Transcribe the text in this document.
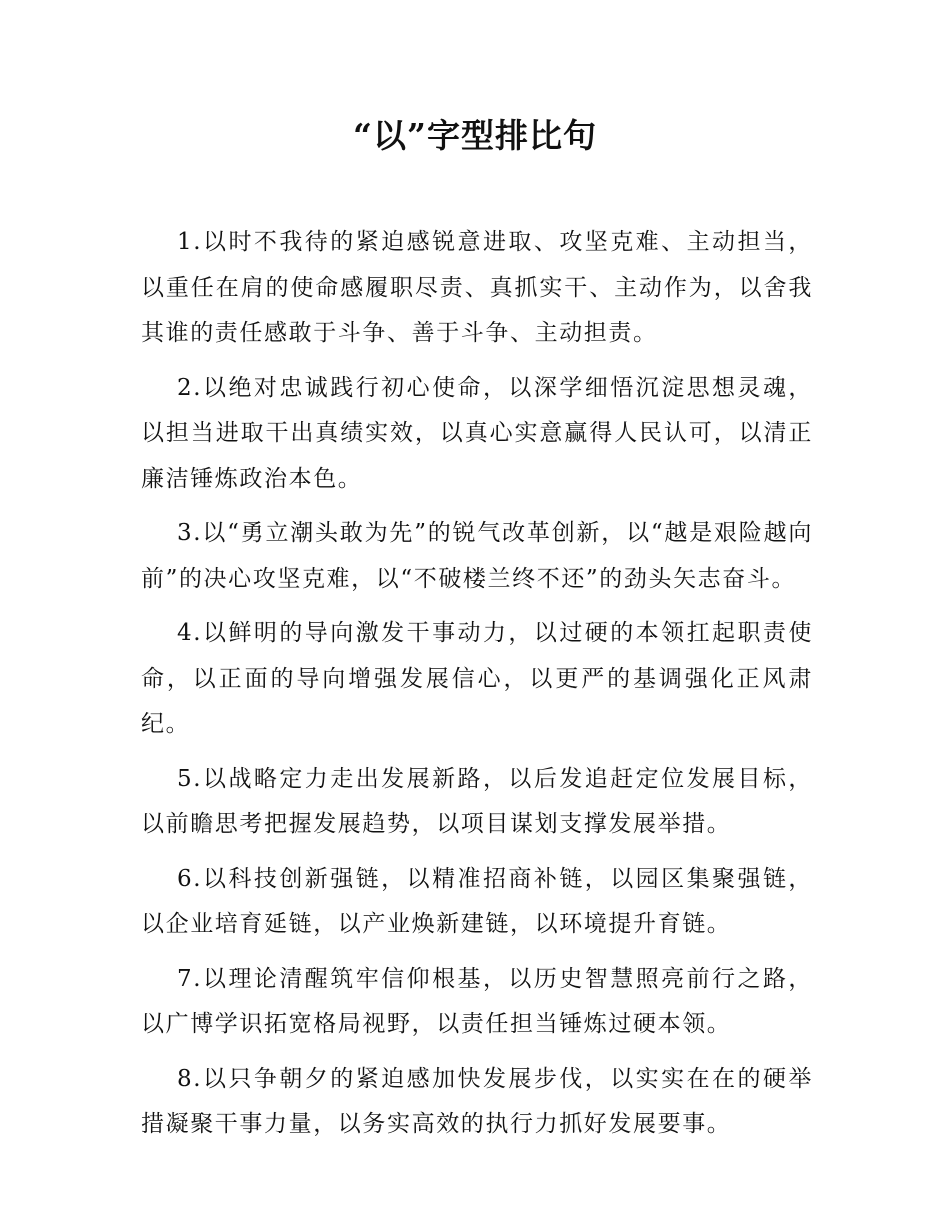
“以”字型排比句

1.以时不我待的紧迫感锐意进取、攻坚克难、主动担当，以重任在肩的使命感履职尽责、真抓实干、主动作为，以舍我其谁的责任感敢于斗争、善于斗争、主动担责。

2.以绝对忠诚践行初心使命，以深学细悟沉淀思想灵魂，以担当进取干出真绩实效，以真心实意赢得人民认可，以清正廉洁锤炼政治本色。

3.以“勇立潮头敢为先”的锐气改革创新，以“越是艰险越向前”的决心攻坚克难，以“不破楼兰终不还”的劲头矢志奋斗。

4.以鲜明的导向激发干事动力，以过硬的本领扛起职责使命，以正面的导向增强发展信心，以更严的基调强化正风肃纪。

5.以战略定力走出发展新路，以后发追赶定位发展目标，以前瞻思考把握发展趋势，以项目谋划支撑发展举措。

6.以科技创新强链，以精准招商补链，以园区集聚强链，以企业培育延链，以产业焕新建链，以环境提升育链。

7.以理论清醒筑牢信仰根基，以历史智慧照亮前行之路，以广博学识拓宽格局视野，以责任担当锤炼过硬本领。

8.以只争朝夕的紧迫感加快发展步伐，以实实在在的硬举措凝聚干事力量，以务实高效的执行力抓好发展要事。
